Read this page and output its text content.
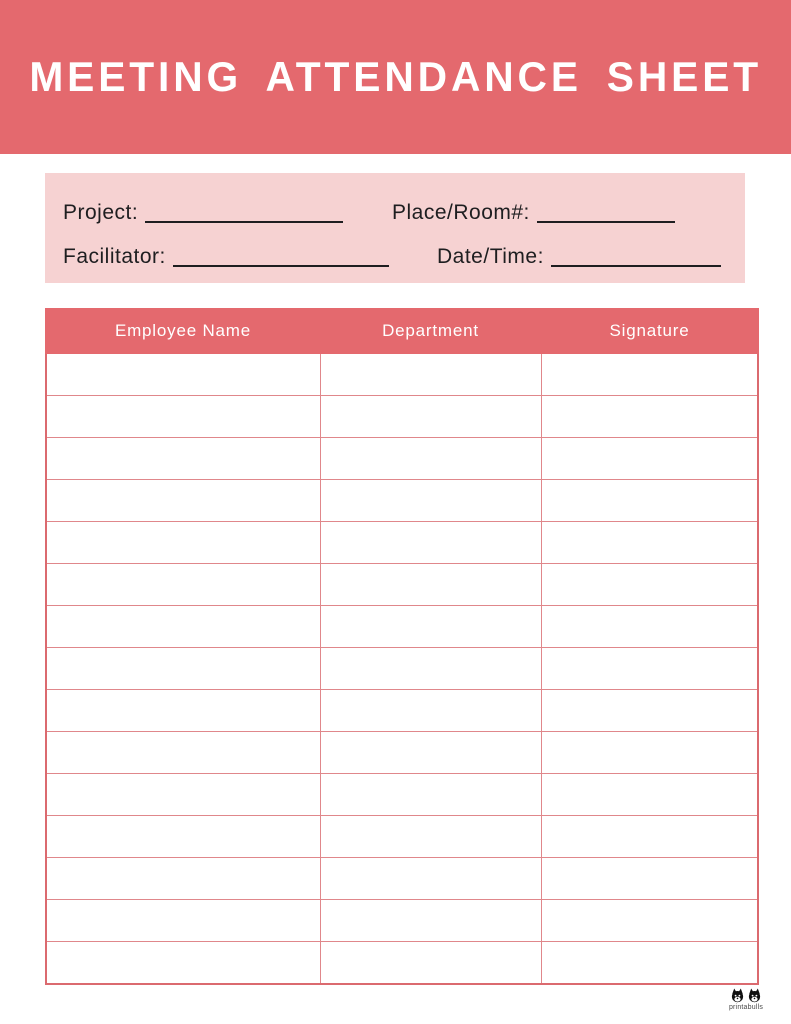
MEETING ATTENDANCE SHEET
Project:	Place/Room#:
Facilitator:	Date/Time:
Employee Name	Department	Signature

printabulls
